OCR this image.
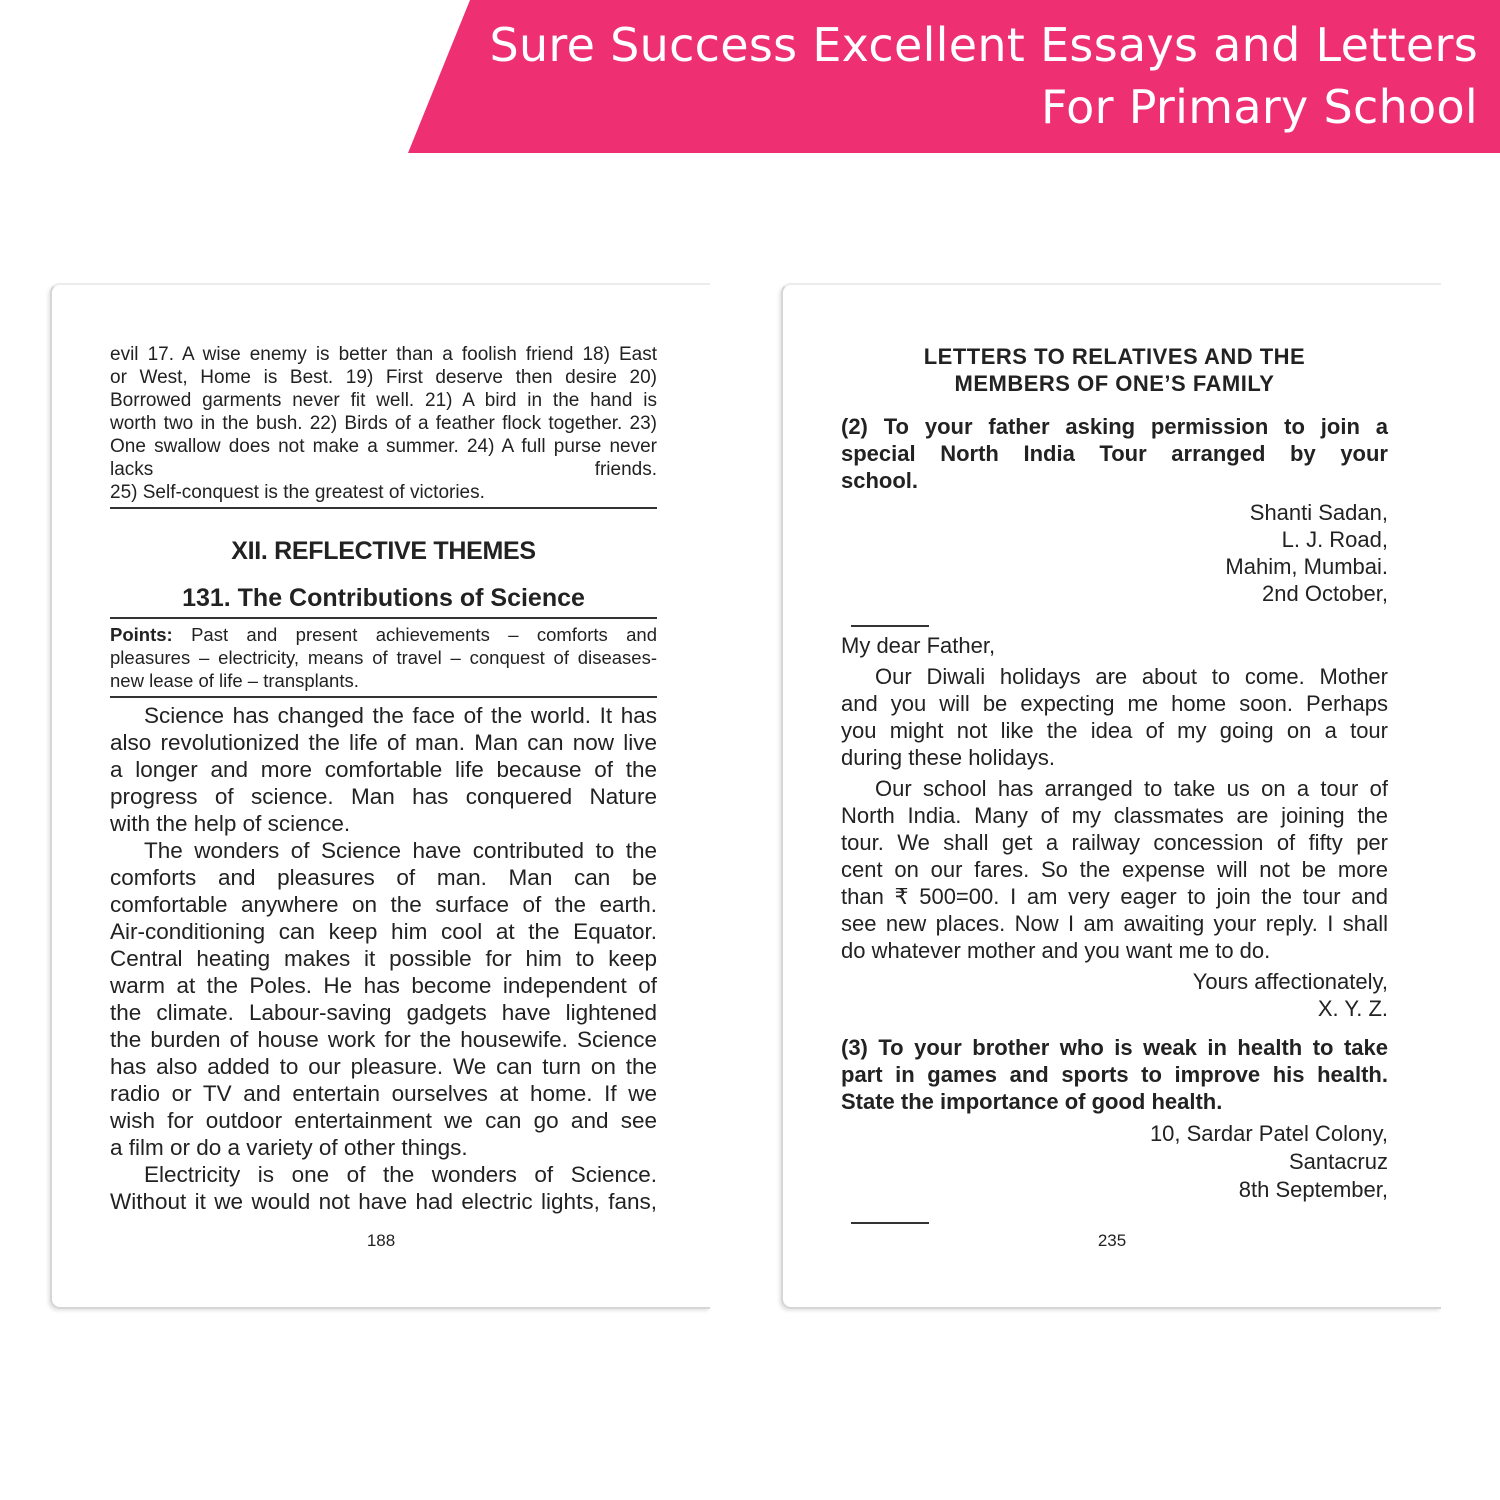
Sure Success Excellent Essays and Letters
For Primary School
evil 17. A wise enemy is better than a foolish friend 18) East
or West, Home is Best. 19) First deserve then desire 20)
Borrowed garments never fit well. 21) A bird in the hand is
worth two in the bush. 22) Birds of a feather flock together. 23)
One swallow does not make a summer. 24) A full purse never
lacks friends.
25) Self-conquest is the greatest of victories.
XII. REFLECTIVE THEMES
131. The Contributions of Science
Points: Past and present achievements – comforts and
pleasures – electricity, means of travel – conquest of diseases-
new lease of life – transplants.
Science has changed the face of the world. It has
also revolutionized the life of man. Man can now live
a longer and more comfortable life because of the
progress of science. Man has conquered Nature
with the help of science.
The wonders of Science have contributed to the
comforts and pleasures of man. Man can be
comfortable anywhere on the surface of the earth.
Air-conditioning can keep him cool at the Equator.
Central heating makes it possible for him to keep
warm at the Poles. He has become independent of
the climate. Labour-saving gadgets have lightened
the burden of house work for the housewife. Science
has also added to our pleasure. We can turn on the
radio or TV and entertain ourselves at home. If we
wish for outdoor entertainment we can go and see
a film or do a variety of other things.
Electricity is one of the wonders of Science.
Without it we would not have had electric lights, fans,
188
LETTERS TO RELATIVES AND THE
MEMBERS OF ONE’S FAMILY
(2) To your father asking permission to join a
special North India Tour arranged by your
school.
Shanti Sadan,
L. J. Road,
Mahim, Mumbai.
2nd October,
My dear Father,
Our Diwali holidays are about to come. Mother
and you will be expecting me home soon. Perhaps
you might not like the idea of my going on a tour
during these holidays.
Our school has arranged to take us on a tour of
North India. Many of my classmates are joining the
tour. We shall get a railway concession of fifty per
cent on our fares. So the expense will not be more
than ₹ 500=00. I am very eager to join the tour and
see new places. Now I am awaiting your reply. I shall
do whatever mother and you want me to do.
Yours affectionately,
X. Y. Z.
(3) To your brother who is weak in health to take
part in games and sports to improve his health.
State the importance of good health.
10, Sardar Patel Colony,
Santacruz
8th September,
235
